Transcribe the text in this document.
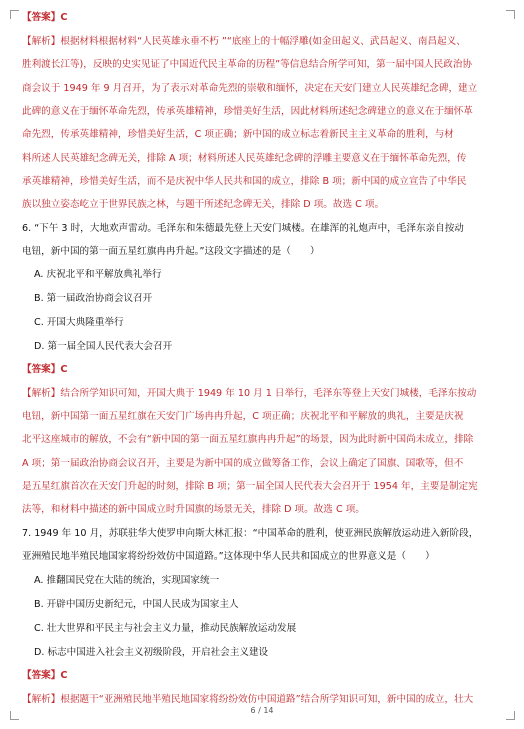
【答案】C
【解析】根据材料根据材料“人民英雄永垂不朽 ”“底座上的十幅浮雕(如金田起义、武昌起义、南昌起义、
胜利渡长江等)，反映的史实见证了中国近代民主革命的历程”等信息结合所学可知，第一届中国人民政治协
商会议于 1949 年 9 月召开，为了表示对革命先烈的崇敬和缅怀，决定在天安门建立人民英雄纪念碑，建立
此碑的意义在于缅怀革命先烈，传承英雄精神，珍惜美好生活，因此材料所述纪念碑建立的意义在于缅怀革
命先烈，传承英雄精神，珍惜美好生活，C 项正确；新中国的成立标志着新民主主义革命的胜利，与材
料所述人民英雄纪念碑无关，排除 A 项；材料所述人民英雄纪念碑的浮雕主要意义在于缅怀革命先烈，传
承英雄精神，珍惜美好生活，而不是庆祝中华人民共和国的成立，排除 B 项；新中国的成立宣告了中华民
族以独立姿态屹立于世界民族之林，与题干所述纪念碑无关，排除 D 项。故选 C 项。
6. “下午 3 时，大地欢声雷动。毛泽东和朱德最先登上天安门城楼。在雄浑的礼炮声中，毛泽东亲自按动
电钮，新中国的第一面五星红旗冉冉升起。”这段文字描述的是（　　）
A. 庆祝北平和平解放典礼举行
B. 第一届政治协商会议召开
C. 开国大典隆重举行
D. 第一届全国人民代表大会召开
【答案】C
【解析】结合所学知识可知，开国大典于 1949 年 10 月 1 日举行，毛泽东等登上天安门城楼，毛泽东按动
电钮，新中国第一面五星红旗在天安门广场冉冉升起，C 项正确；庆祝北平和平解放的典礼，主要是庆祝
北平这座城市的解放，不会有“新中国的第一面五星红旗冉冉升起”的场景，因为此时新中国尚未成立，排除
A 项；第一届政治协商会议召开，主要是为新中国的成立做筹备工作，会议上确定了国旗、国歌等，但不
是五星红旗首次在天安门升起的时刻，排除 B 项；第一届全国人民代表大会召开于 1954 年，主要是制定宪
法等，和材料中描述的新中国成立时升国旗的场景无关，排除 D 项。故选 C 项。
7. 1949 年 10 月，苏联驻华大使罗申向斯大林汇报：“中国革命的胜利，使亚洲民族解放运动进入新阶段，
亚洲殖民地半殖民地国家将纷纷效仿中国道路。”这体现中华人民共和国成立的世界意义是（　　）
A. 推翻国民党在大陆的统治，实现国家统一
B. 开辟中国历史新纪元，中国人民成为国家主人
C. 壮大世界和平民主与社会主义力量，推动民族解放运动发展
D. 标志中国进入社会主义初级阶段，开启社会主义建设
【答案】C
【解析】根据题干“亚洲殖民地半殖民地国家将纷纷效仿中国道路”结合所学知识可知，新中国的成立，壮大
6 / 14
